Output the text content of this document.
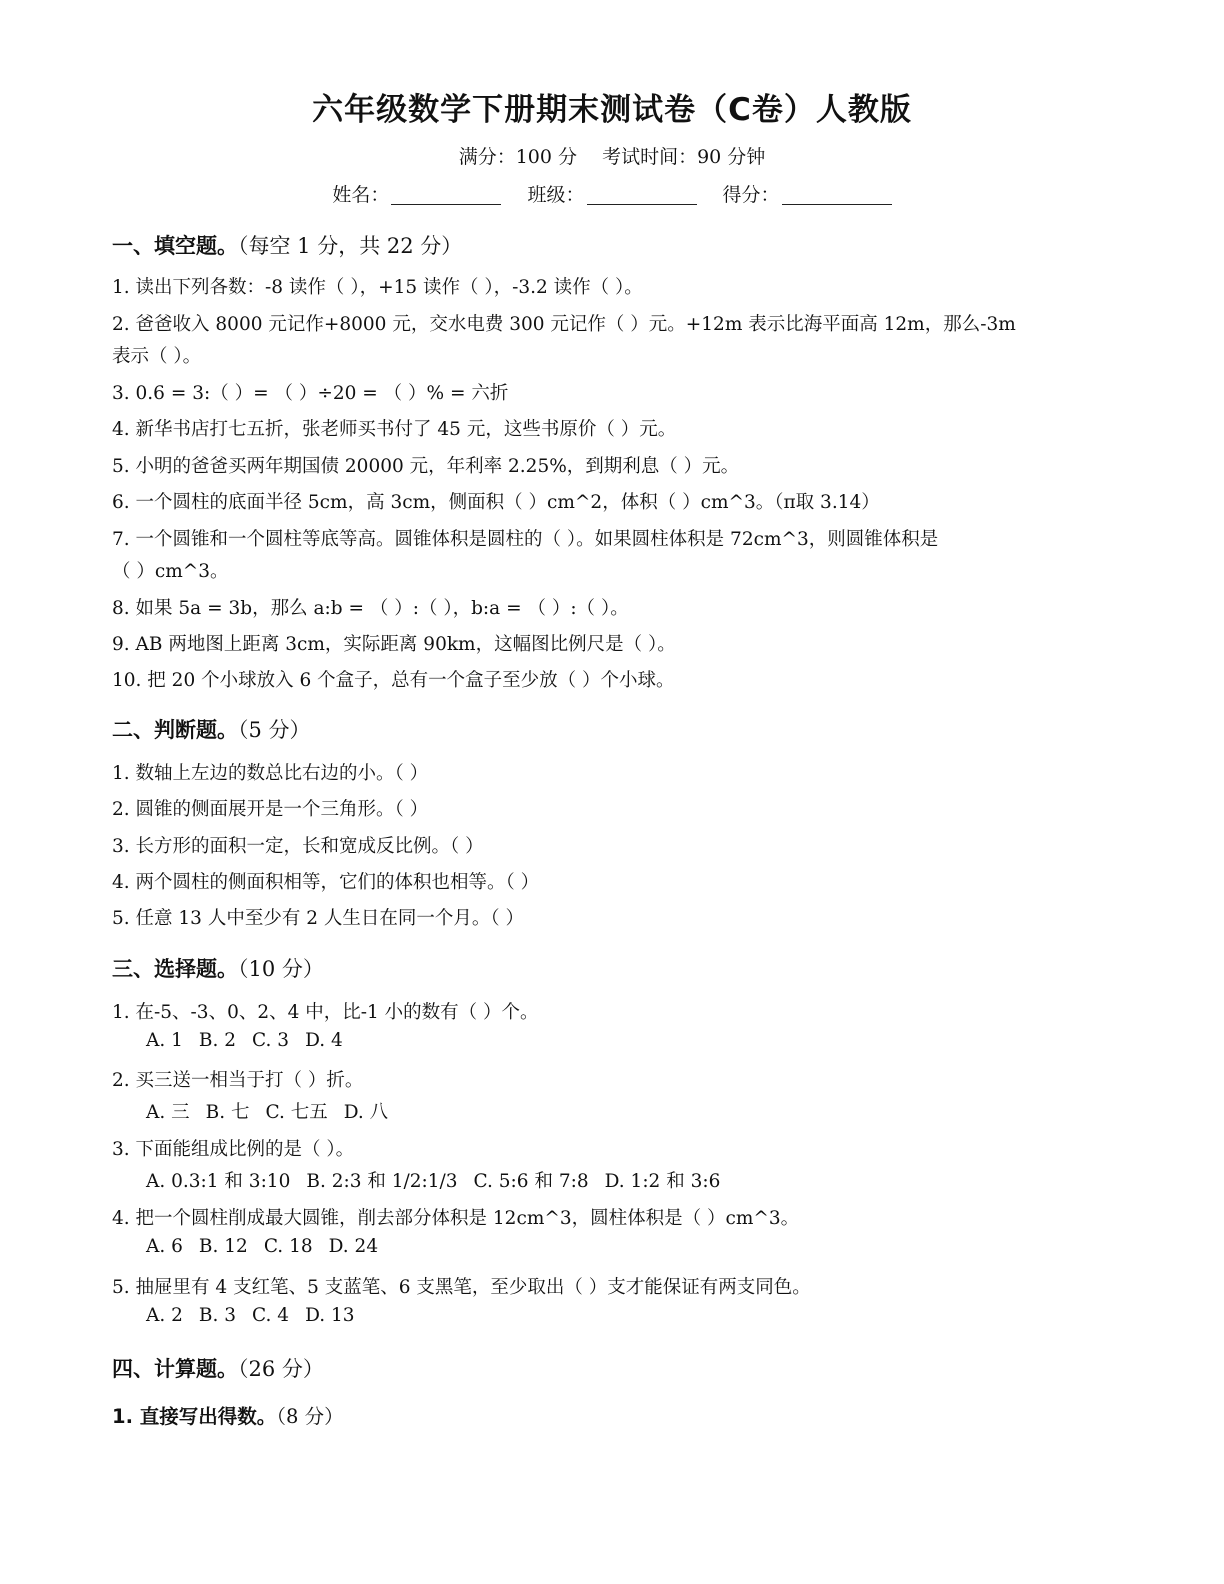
六年级数学下册期末测试卷（C卷）人教版
满分：100 分　 考试时间：90 分钟
姓名：	班级：	得分：
一、填空题。（每空 1 分，共 22 分）
1. 读出下列各数：-8 读作（ ），+15 读作（ ），-3.2 读作（ ）。
2. 爸爸收入 8000 元记作+8000 元，交水电费 300 元记作（ ）元。+12m 表示比海平面高 12m，那么-3m
表示（ ）。
3. 0.6 = 3:（ ）= （ ）÷20 = （ ）% = 六折
4. 新华书店打七五折，张老师买书付了 45 元，这些书原价（ ）元。
5. 小明的爸爸买两年期国债 20000 元，年利率 2.25%，到期利息（ ）元。
6. 一个圆柱的底面半径 5cm，高 3cm，侧面积（ ）cm^2，体积（ ）cm^3。（π取 3.14）
7. 一个圆锥和一个圆柱等底等高。圆锥体积是圆柱的（ ）。如果圆柱体积是 72cm^3，则圆锥体积是
（ ）cm^3。
8. 如果 5a = 3b，那么 a:b = （ ）:（ ），b:a = （ ）:（ ）。
9. AB 两地图上距离 3cm，实际距离 90km，这幅图比例尺是（ ）。
10. 把 20 个小球放入 6 个盒子，总有一个盒子至少放（ ）个小球。
二、判断题。（5 分）
1. 数轴上左边的数总比右边的小。（ ）
2. 圆锥的侧面展开是一个三角形。（ ）
3. 长方形的面积一定，长和宽成反比例。（ ）
4. 两个圆柱的侧面积相等，它们的体积也相等。（ ）
5. 任意 13 人中至少有 2 人生日在同一个月。（ ）
三、选择题。（10 分）
1. 在-5、-3、0、2、4 中，比-1 小的数有（ ）个。
A. 1 B. 2 C. 3 D. 4
2. 买三送一相当于打（ ）折。
A. 三 B. 七 C. 七五 D. 八
3. 下面能组成比例的是（ ）。
A. 0.3:1 和 3:10 B. 2:3 和 1/2:1/3 C. 5:6 和 7:8 D. 1:2 和 3:6
4. 把一个圆柱削成最大圆锥，削去部分体积是 12cm^3，圆柱体积是（ ）cm^3。
A. 6 B. 12 C. 18 D. 24
5. 抽屉里有 4 支红笔、5 支蓝笔、6 支黑笔，至少取出（ ）支才能保证有两支同色。
A. 2 B. 3 C. 4 D. 13
四、计算题。（26 分）
1. 直接写出得数。（8 分）
